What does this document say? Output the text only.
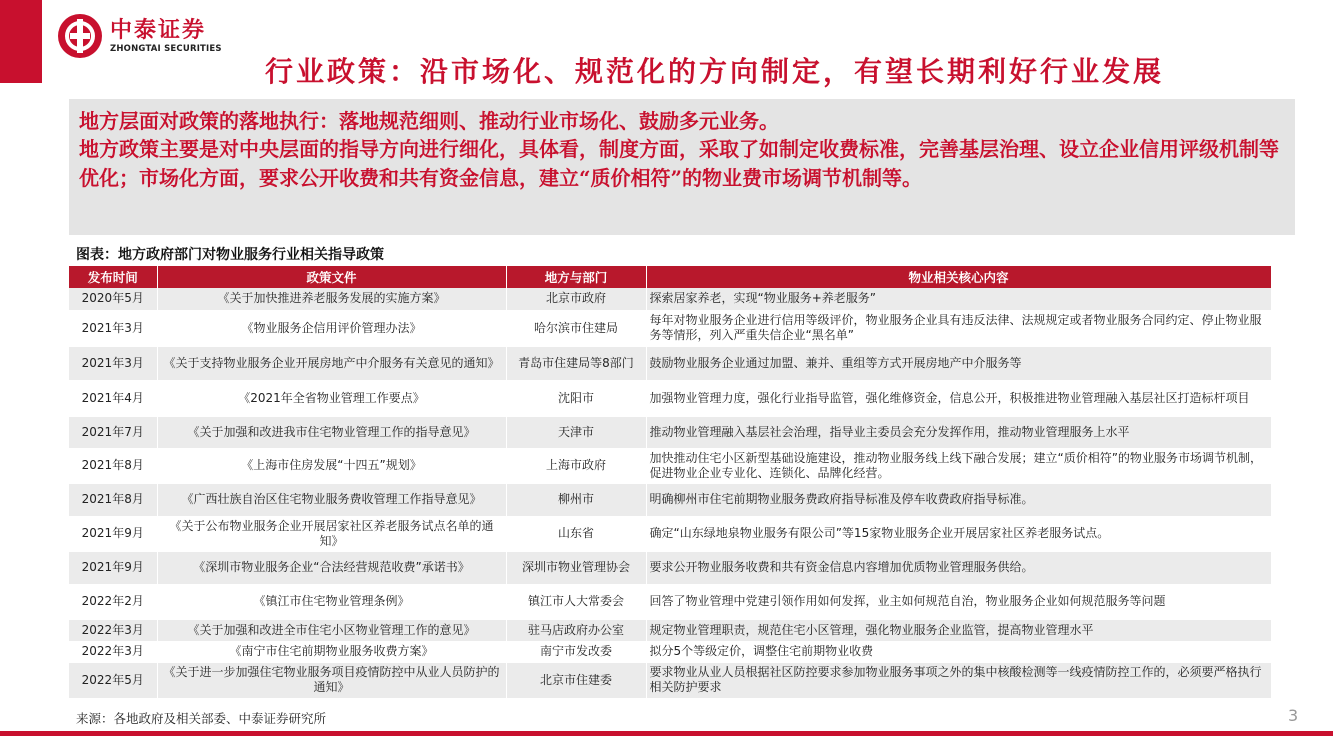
中泰证券
ZHONGTAI SECURITIES
行业政策：沿市场化、规范化的方向制定，有望长期利好行业发展

地方层面对政策的落地执行：落地规范细则、推动行业市场化、鼓励多元业务。

地方政策主要是对中央层面的指导方向进行细化，具体看，制度方面，采取了如制定收费标准，完善基层治理、设立企业信用评级机制等优化；市场化方面，要求公开收费和共有资金信息，建立“质价相符”的物业费市场调节机制等。

图表：地方政府部门对物业服务行业相关指导政策
发布时间	政策文件	地方与部门	物业相关核心内容
2020年5月	《关于加快推进养老服务发展的实施方案》	北京市政府	探索居家养老，实现“物业服务+养老服务”
2021年3月	《物业服务企信用评价管理办法》	哈尔滨市住建局	每年对物业服务企业进行信用等级评价，物业服务企业具有违反法律、法规规定或者物业服务合同约定、停止物业服务等情形，列入严重失信企业“黑名单”
2021年3月	《关于支持物业服务企业开展房地产中介服务有关意见的通知》	青岛市住建局等8部门	鼓励物业服务企业通过加盟、兼并、重组等方式开展房地产中介服务等
2021年4月	《2021年全省物业管理工作要点》	沈阳市	加强物业管理力度，强化行业指导监管，强化维修资金，信息公开，积极推进物业管理融入基层社区打造标杆项目
2021年7月	《关于加强和改进我市住宅物业管理工作的指导意见》	天津市	推动物业管理融入基层社会治理，指导业主委员会充分发挥作用，推动物业管理服务上水平
2021年8月	《上海市住房发展“十四五”规划》	上海市政府	加快推动住宅小区新型基础设施建设，推动物业服务线上线下融合发展；建立“质价相符”的物业服务市场调节机制，促进物业企业专业化、连锁化、品牌化经营。
2021年8月	《广西壮族自治区住宅物业服务费收管理工作指导意见》	柳州市	明确柳州市住宅前期物业服务费政府指导标准及停车收费政府指导标准。
2021年9月	《关于公布物业服务企业开展居家社区养老服务试点名单的通知》	山东省	确定“山东绿地泉物业服务有限公司”等15家物业服务企业开展居家社区养老服务试点。
2021年9月	《深圳市物业服务企业“合法经营规范收费”承诺书》	深圳市物业管理协会	要求公开物业服务收费和共有资金信息内容增加优质物业管理服务供给。
2022年2月	《镇江市住宅物业管理条例》	镇江市人大常委会	回答了物业管理中党建引领作用如何发挥，业主如何规范自治，物业服务企业如何规范服务等问题
2022年3月	《关于加强和改进全市住宅小区物业管理工作的意见》	驻马店政府办公室	规定物业管理职责，规范住宅小区管理，强化物业服务企业监管，提高物业管理水平
2022年3月	《南宁市住宅前期物业服务收费方案》	南宁市发改委	拟分5个等级定价，调整住宅前期物业收费
2022年5月	《关于进一步加强住宅物业服务项目疫情防控中从业人员防护的通知》	北京市住建委	要求物业从业人员根据社区防控要求参加物业服务事项之外的集中核酸检测等一线疫情防控工作的，必须要严格执行相关防护要求
来源：各地政府及相关部委、中泰证券研究所	3
